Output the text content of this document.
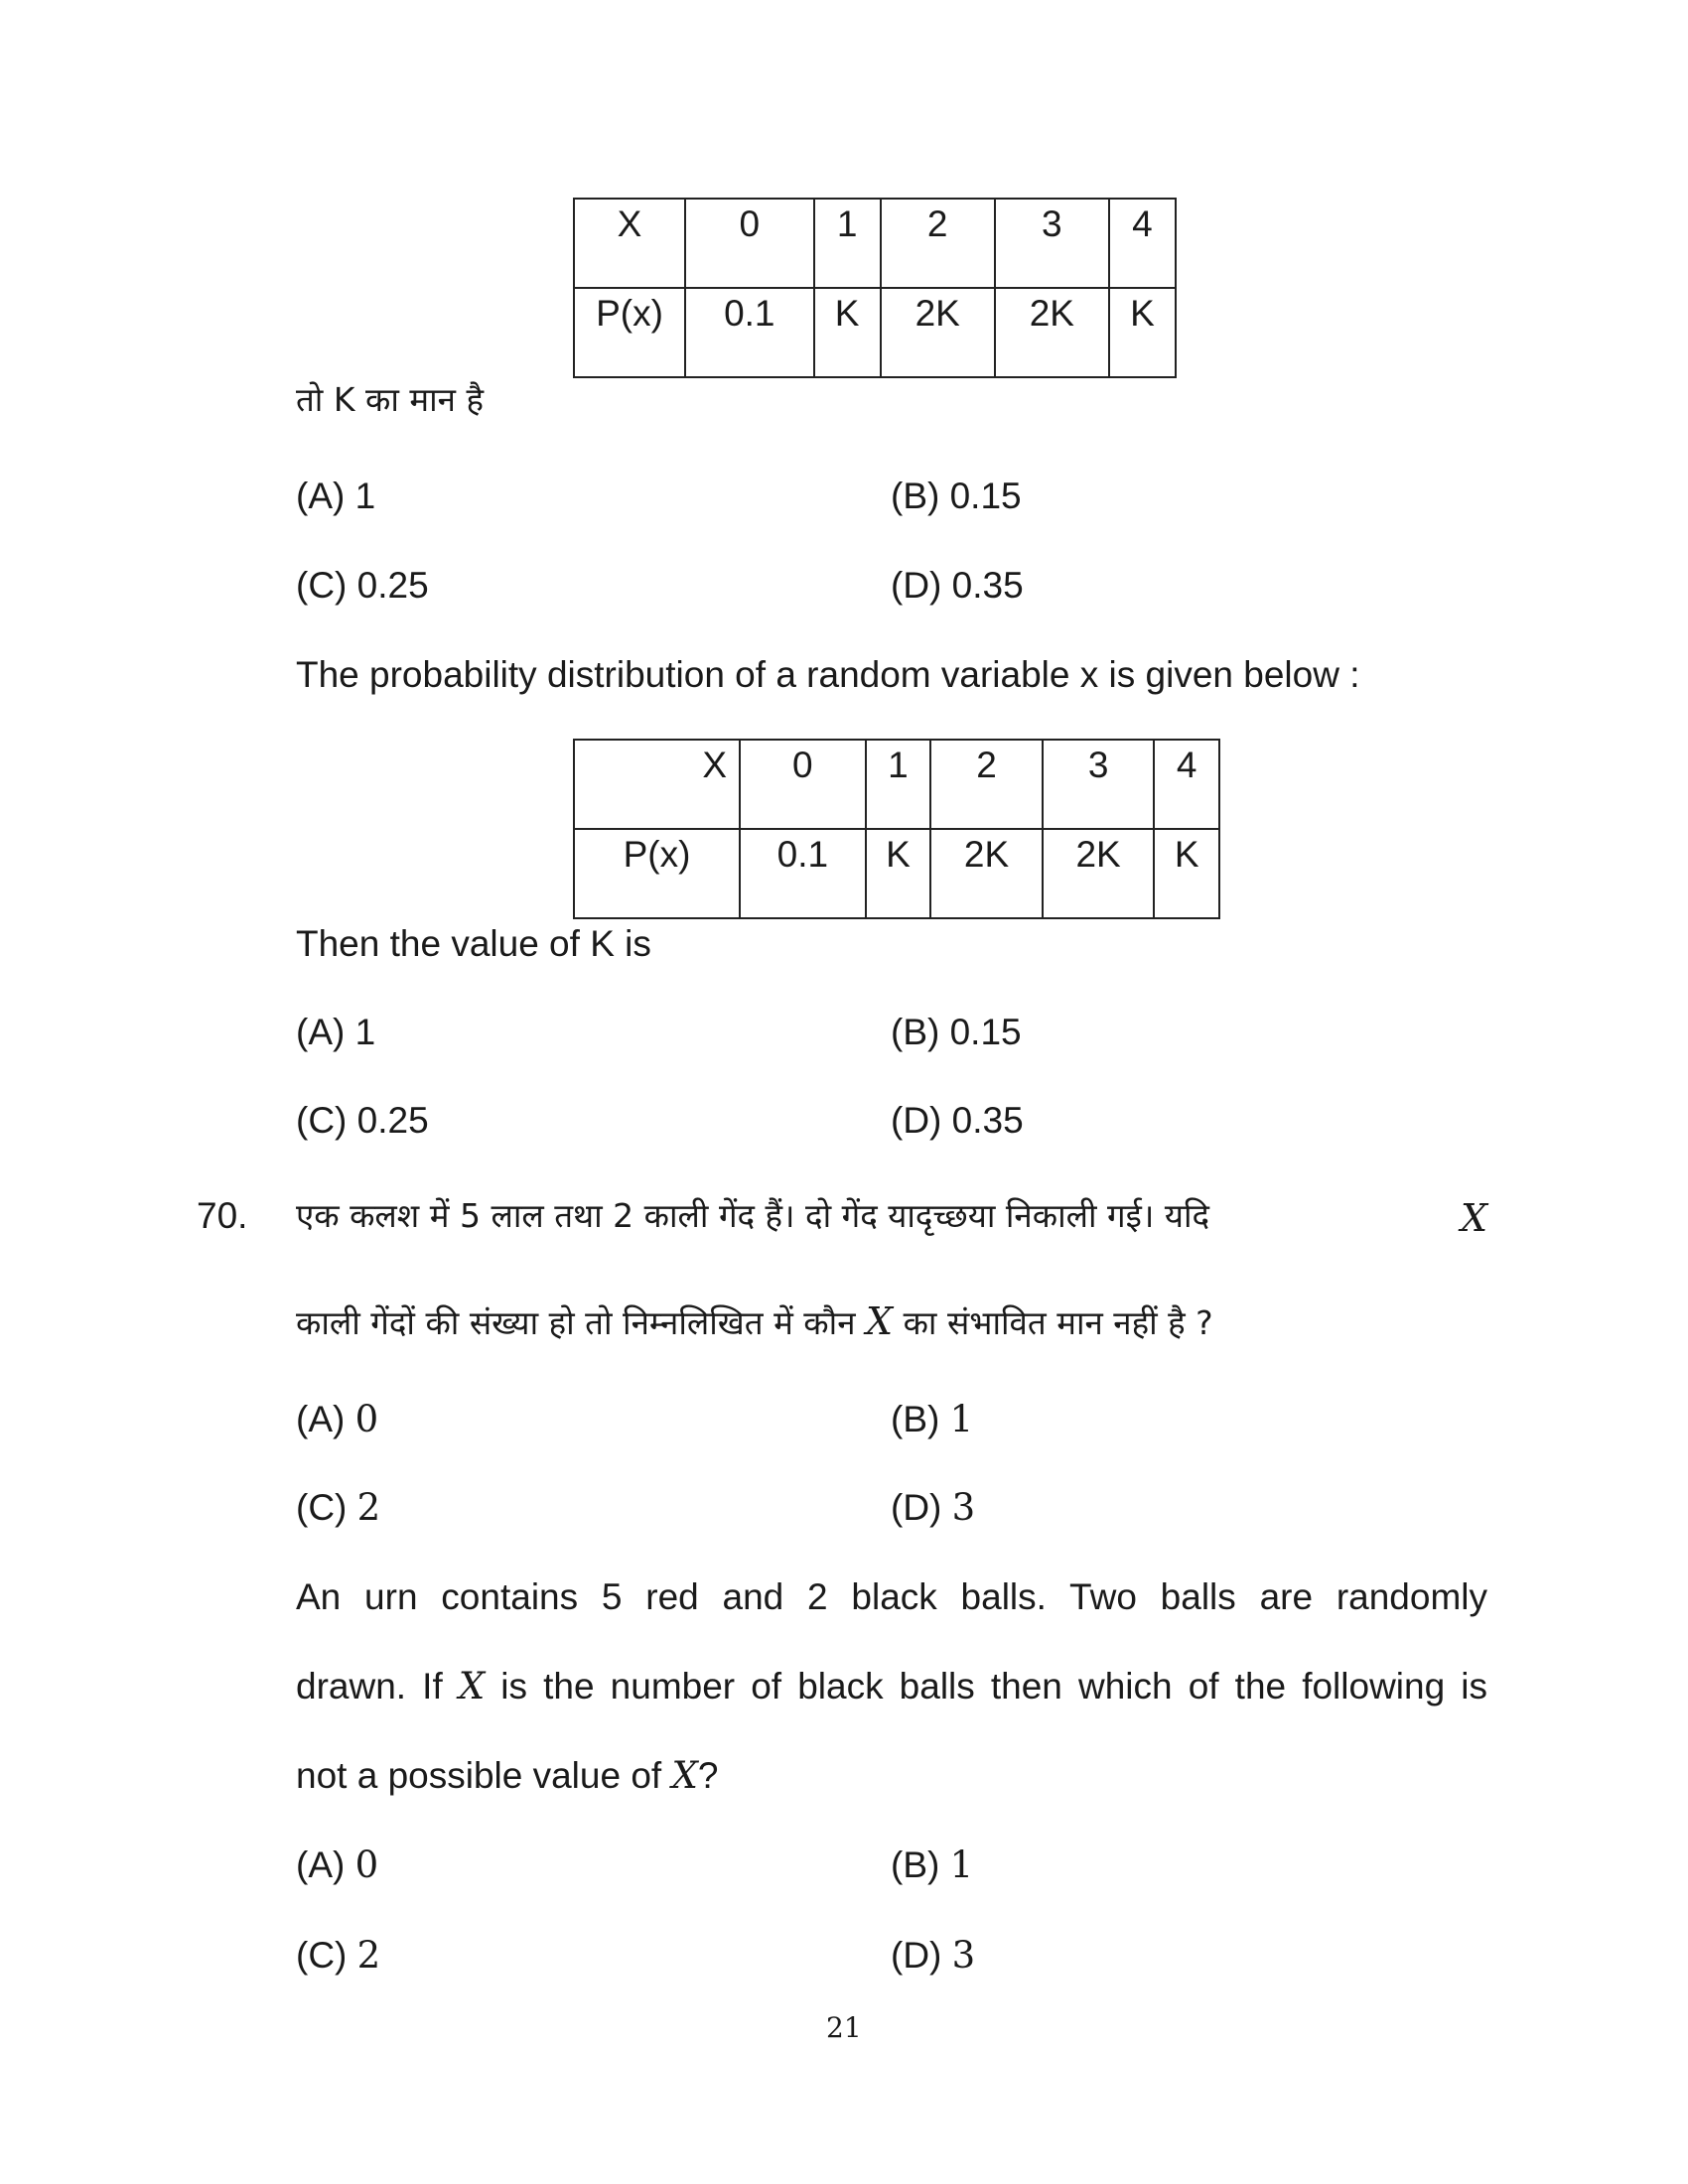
X	0	1	2	3	4
P(x)	0.1	K	2K	2K	K
तो K का मान है
(A) 1	(B) 0.15
(C) 0.25	(D) 0.35
The probability distribution of a random variable x is given below :
X	0	1	2	3	4
P(x)	0.1	K	2K	2K	K
Then the value of K is
(A) 1	(B) 0.15
(C) 0.25	(D) 0.35
70. एक कलश में 5 लाल तथा 2 काली गेंद हैं। दो गेंद यादृच्छया निकाली गई। यदि	X
काली गेंदों की संख्या हो तो निम्नलिखित में कौन X का संभावित मान नहीं है ?
(A) 0	(B) 1
(C) 2	(D) 3
An urn contains 5 red and 2 black balls. Two balls are randomly
drawn. If X is the number of black balls then which of the following is
not a possible value of X?
(A) 0	(B) 1
(C) 2	(D) 3
21
